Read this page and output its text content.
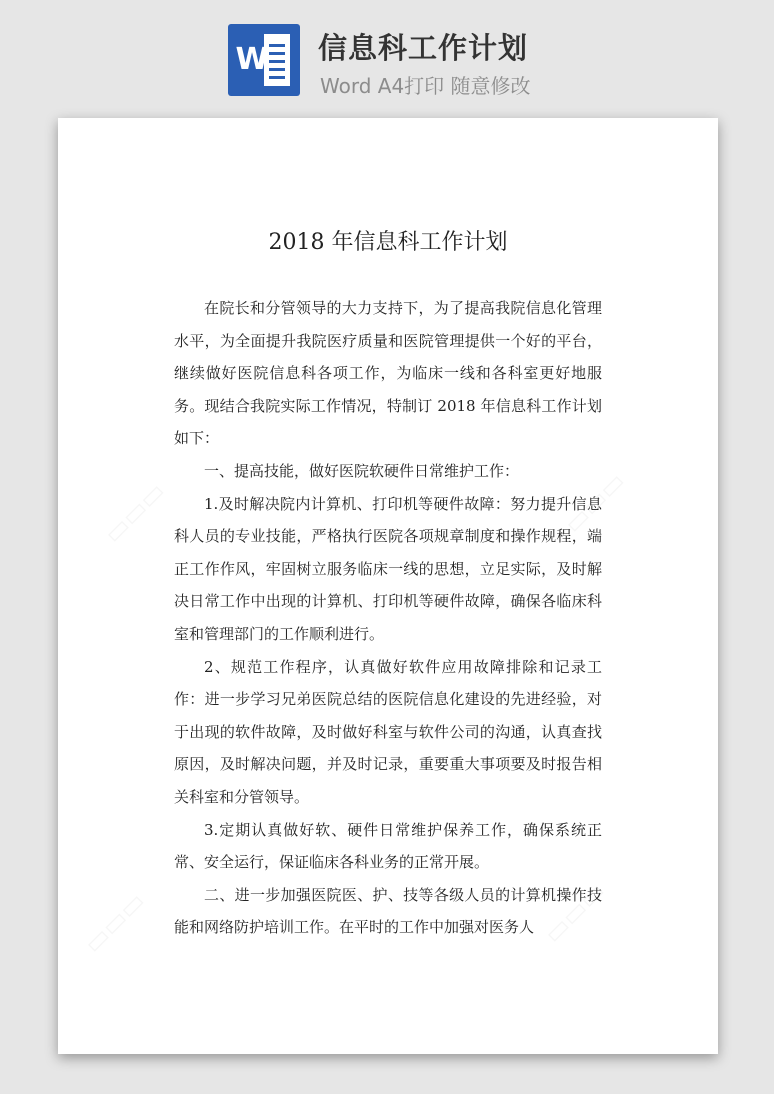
W 信息科工作计划
Word A4打印 随意修改
2018 年信息科工作计划

在院长和分管领导的大力支持下，为了提高我院信息化管理水平，为全面提升我院医疗质量和医院管理提供一个好的平台，继续做好医院信息科各项工作，为临床一线和各科室更好地服务。现结合我院实际工作情况，特制订 2018 年信息科工作计划如下：

一、提高技能，做好医院软硬件日常维护工作：

1.及时解决院内计算机、打印机等硬件故障：努力提升信息科人员的专业技能，严格执行医院各项规章制度和操作规程，端正工作作风，牢固树立服务临床一线的思想，立足实际，及时解决日常工作中出现的计算机、打印机等硬件故障，确保各临床科室和管理部门的工作顺利进行。

2、规范工作程序，认真做好软件应用故障排除和记录工作：进一步学习兄弟医院总结的医院信息化建设的先进经验，对于出现的软件故障，及时做好科室与软件公司的沟通，认真查找原因，及时解决问题，并及时记录，重要重大事项要及时报告相关科室和分管领导。

3.定期认真做好软、硬件日常维护保养工作，确保系统正常、安全运行，保证临床各科业务的正常开展。

二、进一步加强医院医、护、技等各级人员的计算机操作技能和网络防护培训工作。在平时的工作中加强对医务人
